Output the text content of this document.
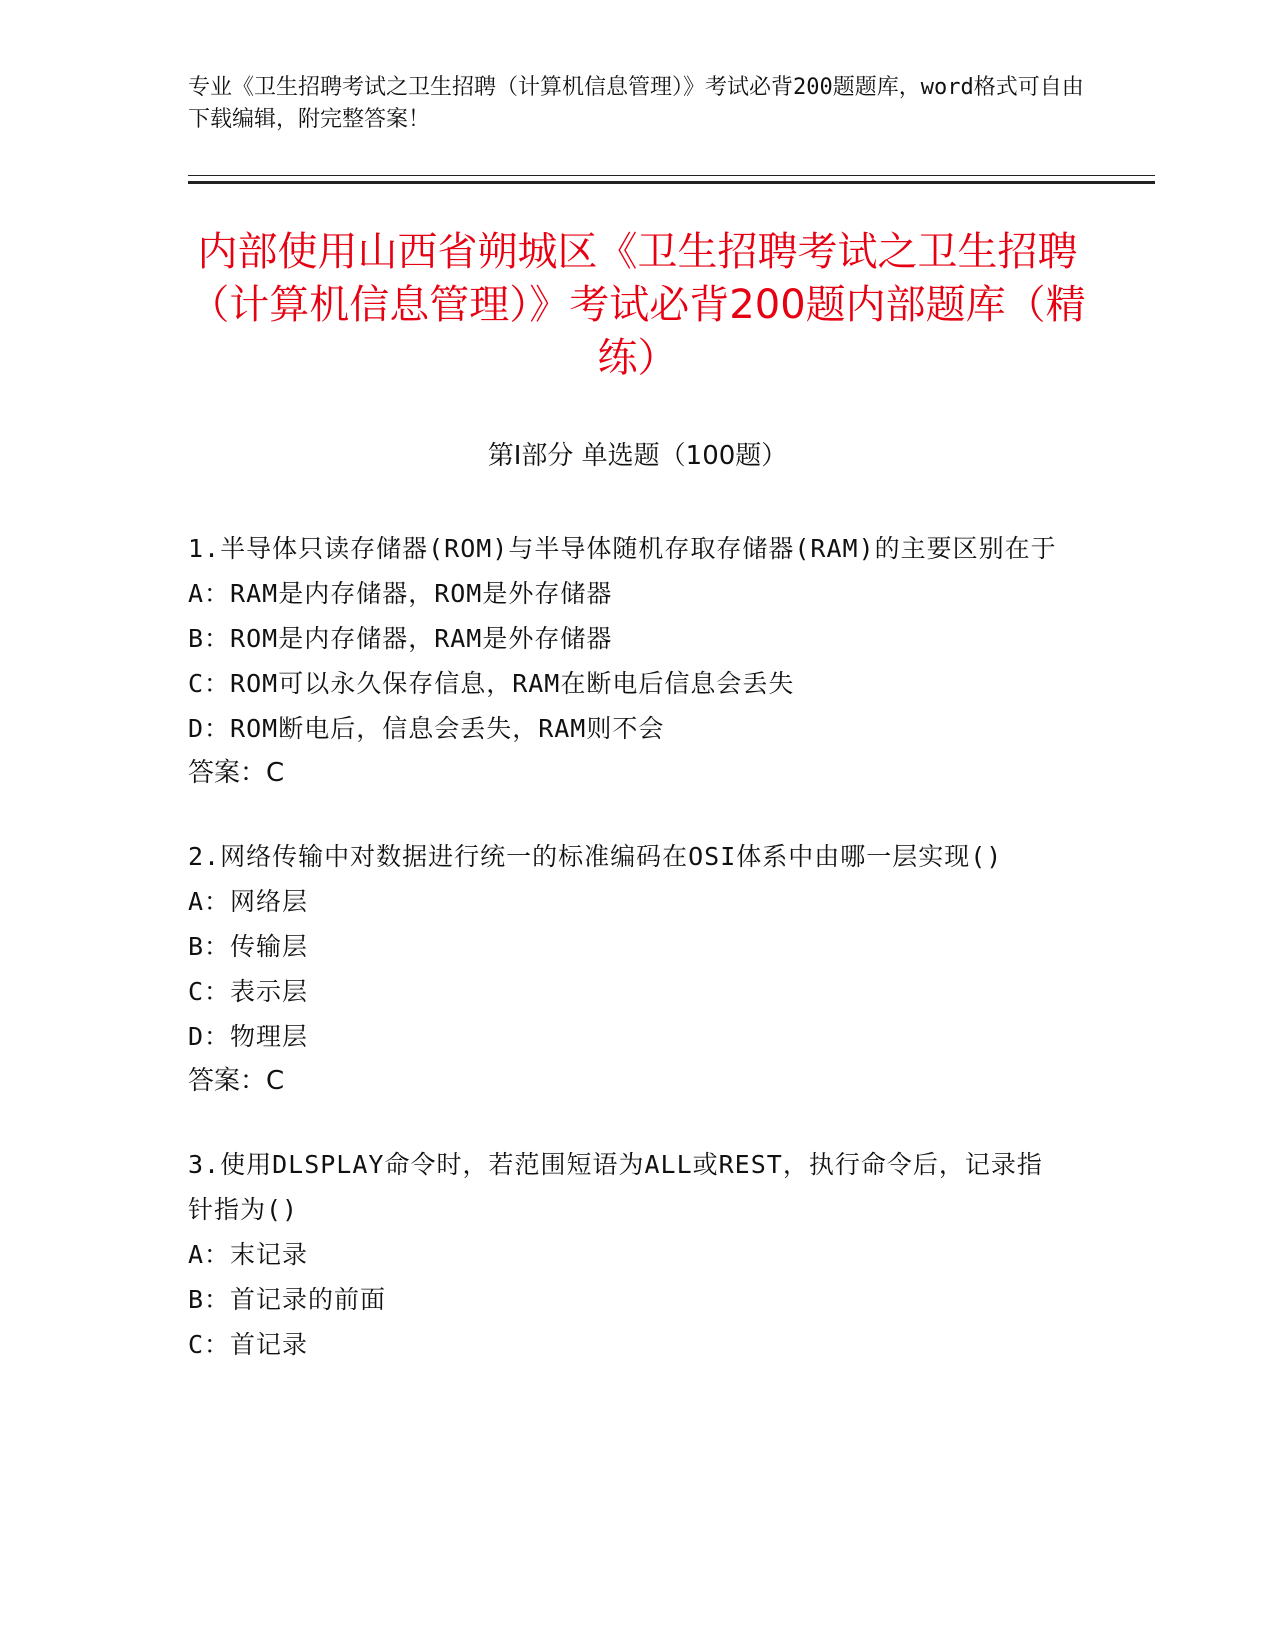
专业《卫生招聘考试之卫生招聘（计算机信息管理）》考试必背200题题库，word格式可自由下载编辑，附完整答案！
内部使用山西省朔城区《卫生招聘考试之卫生招聘（计算机信息管理）》考试必背200题内部题库（精练）
第Ⅰ部分 单选题（100题）
1.半导体只读存储器(ROM)与半导体随机存取存储器(RAM)的主要区别在于
A：RAM是内存储器，ROM是外存储器
B：ROM是内存储器，RAM是外存储器
C：ROM可以永久保存信息，RAM在断电后信息会丢失
D：ROM断电后，信息会丢失，RAM则不会
答案：C
2.网络传输中对数据进行统一的标准编码在OSI体系中由哪一层实现()
A：网络层
B：传输层
C：表示层
D：物理层
答案：C
3.使用DLSPLAY命令时，若范围短语为ALL或REST，执行命令后，记录指针指为()
A：末记录
B：首记录的前面
C：首记录
